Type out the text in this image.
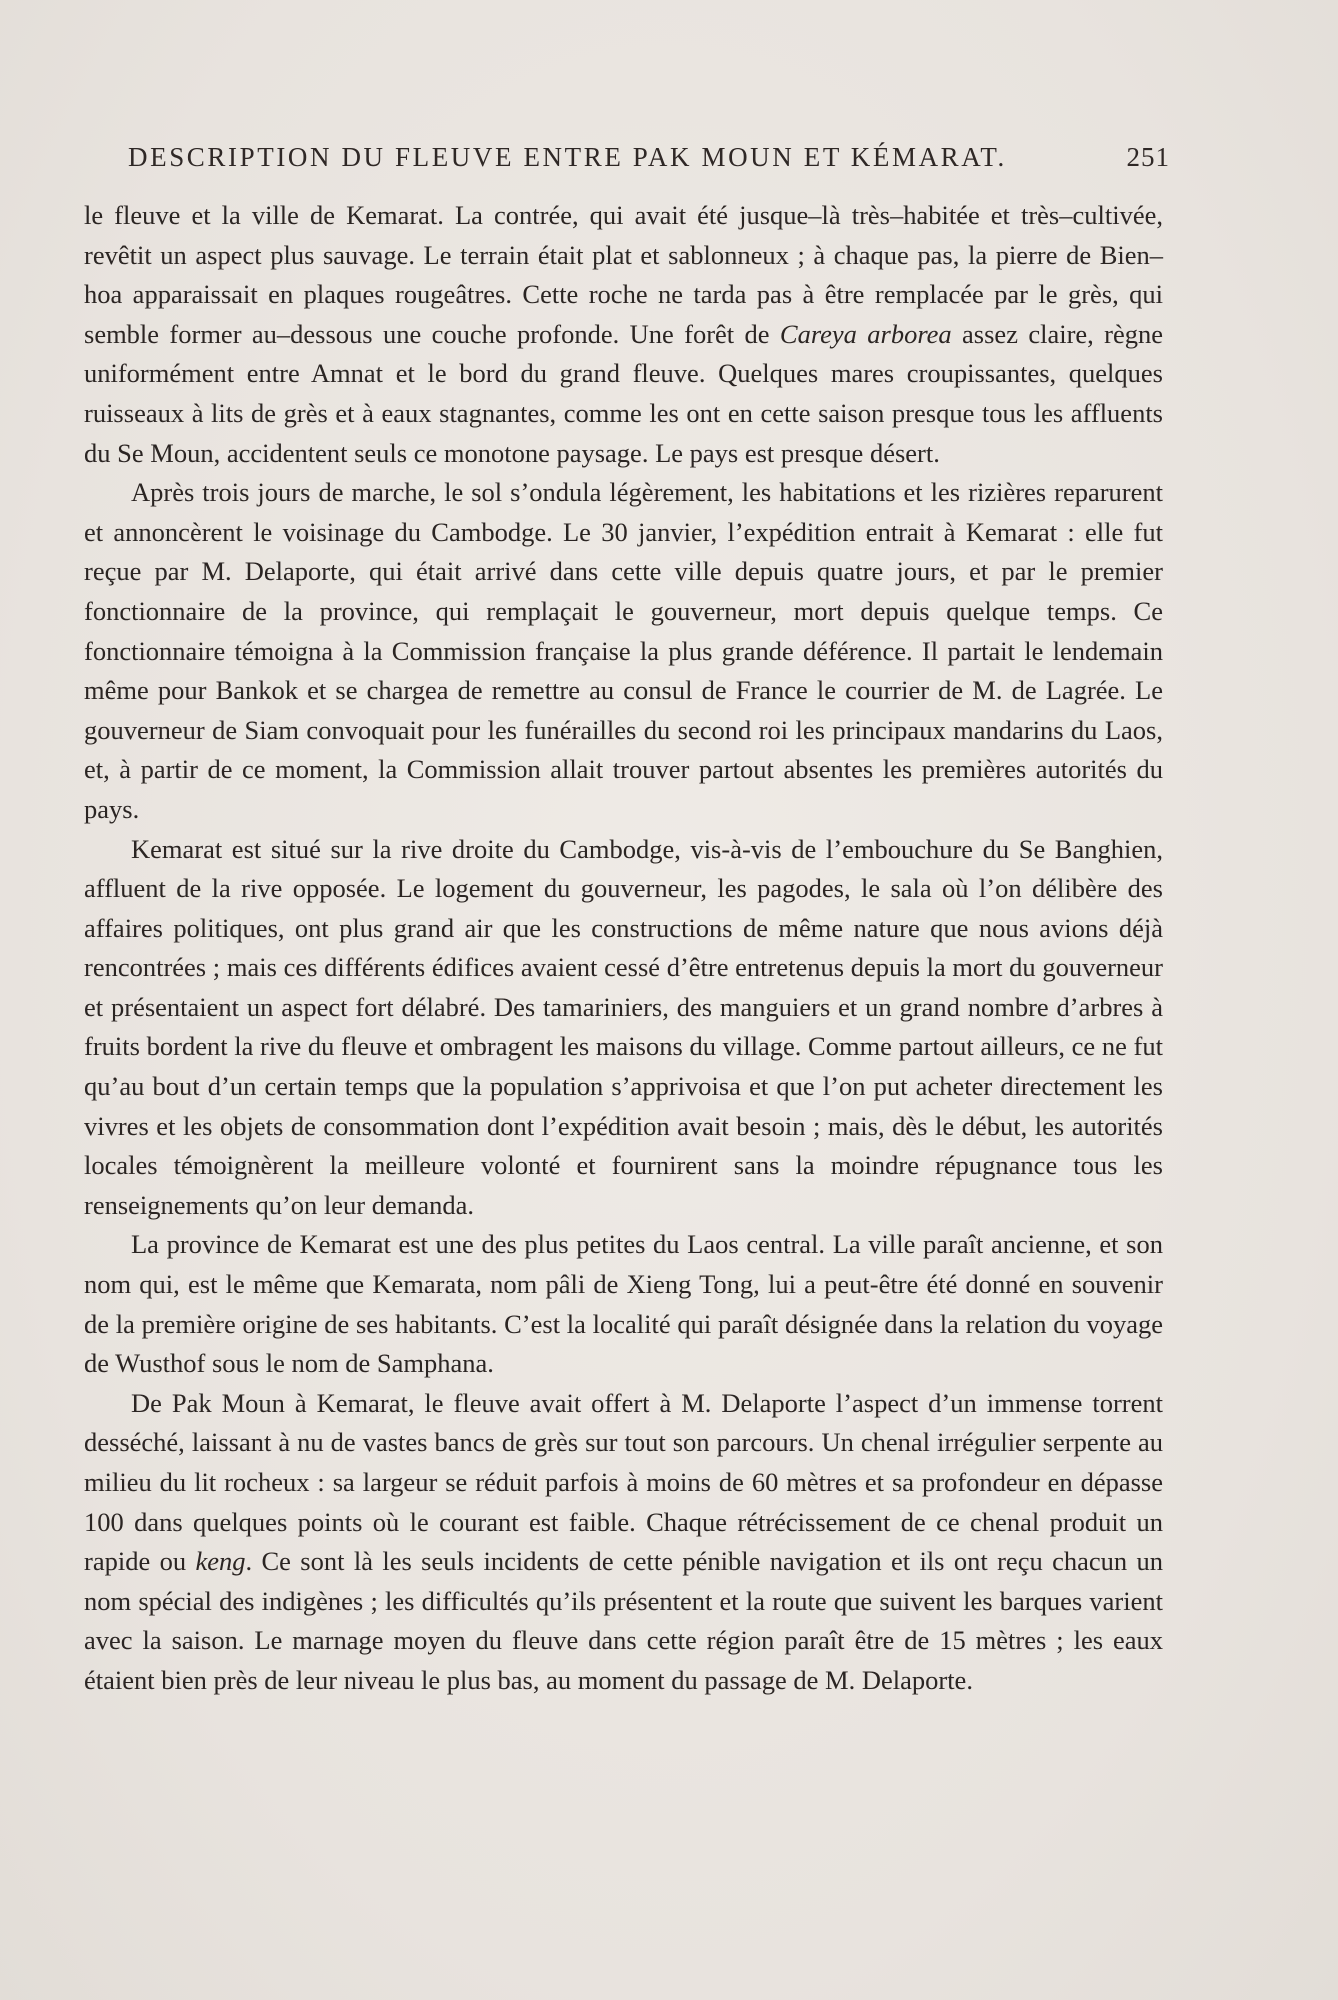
DESCRIPTION DU FLEUVE ENTRE PAK MOUN ET KÉMARAT.	251

le fleuve et la ville de Kemarat. La contrée, qui avait été jusque–là très–habitée et très–cultivée, revêtit un aspect plus sauvage. Le terrain était plat et sablonneux ; à chaque pas, la pierre de Bien–hoa apparaissait en plaques rougeâtres. Cette roche ne tarda pas à être remplacée par le grès, qui semble former au–dessous une couche profonde. Une forêt de Careya arborea assez claire, règne uniformément entre Amnat et le bord du grand fleuve. Quelques mares croupissantes, quelques ruisseaux à lits de grès et à eaux stagnantes, comme les ont en cette saison presque tous les affluents du Se Moun, accidentent seuls ce monotone paysage. Le pays est presque désert.

Après trois jours de marche, le sol s’ondula légèrement, les habitations et les rizières reparurent et annoncèrent le voisinage du Cambodge. Le 30 janvier, l’expédition entrait à Kemarat : elle fut reçue par M. Delaporte, qui était arrivé dans cette ville depuis quatre jours, et par le premier fonctionnaire de la province, qui remplaçait le gouverneur, mort depuis quelque temps. Ce fonctionnaire témoigna à la Commission française la plus grande déférence. Il partait le lendemain même pour Bankok et se chargea de remettre au consul de France le courrier de M. de Lagrée. Le gouverneur de Siam convoquait pour les funérailles du second roi les principaux mandarins du Laos, et, à partir de ce moment, la Commission allait trouver partout absentes les premières autorités du pays.

Kemarat est situé sur la rive droite du Cambodge, vis-à-vis de l’embouchure du Se Banghien, affluent de la rive opposée. Le logement du gouverneur, les pagodes, le sala où l’on délibère des affaires politiques, ont plus grand air que les constructions de même nature que nous avions déjà rencontrées ; mais ces différents édifices avaient cessé d’être entretenus depuis la mort du gouverneur et présentaient un aspect fort délabré. Des tamariniers, des manguiers et un grand nombre d’arbres à fruits bordent la rive du fleuve et ombragent les maisons du village. Comme partout ailleurs, ce ne fut qu’au bout d’un certain temps que la population s’apprivoisa et que l’on put acheter directement les vivres et les objets de consommation dont l’expédition avait besoin ; mais, dès le début, les autorités locales témoignèrent la meilleure volonté et fournirent sans la moindre répugnance tous les renseignements qu’on leur demanda.

La province de Kemarat est une des plus petites du Laos central. La ville paraît ancienne, et son nom qui, est le même que Kemarata, nom pâli de Xieng Tong, lui a peut-être été donné en souvenir de la première origine de ses habitants. C’est la localité qui paraît désignée dans la relation du voyage de Wusthof sous le nom de Samphana.

De Pak Moun à Kemarat, le fleuve avait offert à M. Delaporte l’aspect d’un immense torrent desséché, laissant à nu de vastes bancs de grès sur tout son parcours. Un chenal irrégulier serpente au milieu du lit rocheux : sa largeur se réduit parfois à moins de 60 mètres et sa profondeur en dépasse 100 dans quelques points où le courant est faible. Chaque rétrécissement de ce chenal produit un rapide ou keng. Ce sont là les seuls incidents de cette pénible navigation et ils ont reçu chacun un nom spécial des indigènes ; les difficultés qu’ils présentent et la route que suivent les barques varient avec la saison. Le marnage moyen du fleuve dans cette région paraît être de 15 mètres ; les eaux étaient bien près de leur niveau le plus bas, au moment du passage de M. Delaporte.
